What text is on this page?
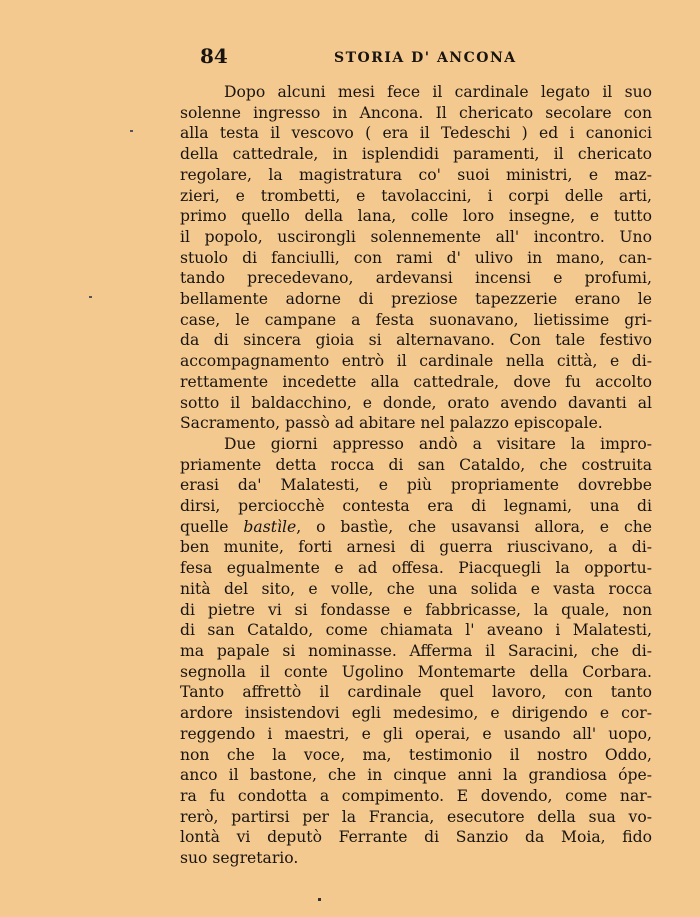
84	STORIA D' ANCONA
Dopo alcuni mesi fece il cardinale legato il suo
solenne ingresso in Ancona. Il chericato secolare con
alla testa il vescovo ( era il Tedeschi ) ed i canonici
della cattedrale, in isplendidi paramenti, il chericato
regolare, la magistratura co' suoi ministri, e maz-
zieri, e trombetti, e tavolaccini, i corpi delle arti,
primo quello della lana, colle loro insegne, e tutto
il popolo, uscirongli solennemente all' incontro. Uno
stuolo di fanciulli, con rami d' ulivo in mano, can-
tando precedevano, ardevansi incensi e profumi,
bellamente adorne di preziose tapezzerie erano le
case, le campane a festa suonavano, lietissime gri-
da di sincera gioia si alternavano. Con tale festivo
accompagnamento entrò il cardinale nella città, e di-
rettamente incedette alla cattedrale, dove fu accolto
sotto il baldacchino, e donde, orato avendo davanti al
Sacramento, passò ad abitare nel palazzo episcopale.
Due giorni appresso andò a visitare la impro-
priamente detta rocca di san Cataldo, che costruita
erasi da' Malatesti, e più propriamente dovrebbe
dirsi, perciocchè contesta era di legnami, una di
quelle bastìle, o bastìe, che usavansi allora, e che
ben munite, forti arnesi di guerra riuscivano, a di-
fesa egualmente e ad offesa. Piacquegli la opportu-
nità del sito, e volle, che una solida e vasta rocca
di pietre vi si fondasse e fabbricasse, la quale, non
di san Cataldo, come chiamata l' aveano i Malatesti,
ma papale si nominasse. Afferma il Saracini, che di-
segnolla il conte Ugolino Montemarte della Corbara.
Tanto affrettò il cardinale quel lavoro, con tanto
ardore insistendovi egli medesimo, e dirigendo e cor-
reggendo i maestri, e gli operai, e usando all' uopo,
non che la voce, ma, testimonio il nostro Oddo,
anco il bastone, che in cinque anni la grandiosa ópe-
ra fu condotta a compimento. E dovendo, come nar-
rerò, partirsi per la Francia, esecutore della sua vo-
lontà vi deputò Ferrante di Sanzio da Moia, fido
suo segretario.
